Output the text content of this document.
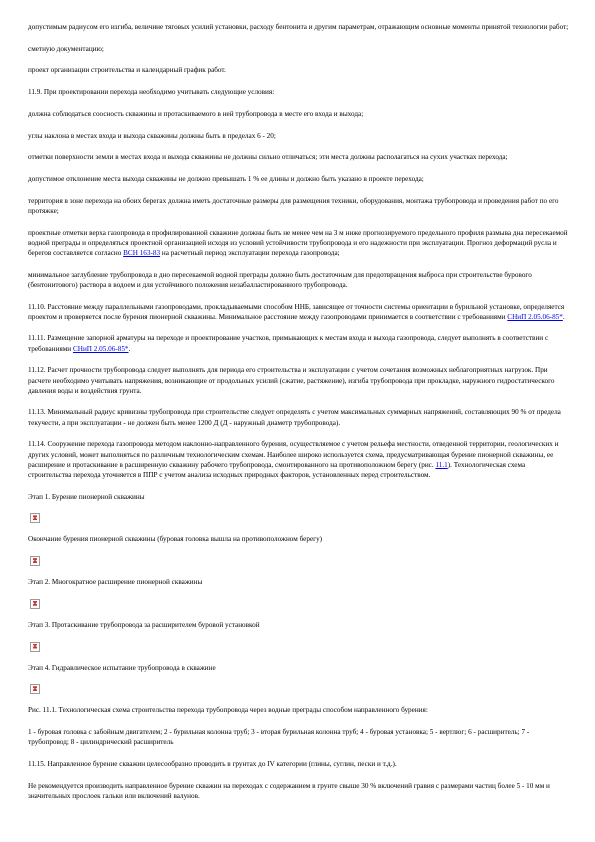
допустимым радиусом его изгиба, величине тяговых усилий установки, расходу бентонита и другим параметрам, отражающим основные моменты принятой технологии работ;
сметную документацию;
проект организации строительства и календарный график работ.
11.9. При проектировании перехода необходимо учитывать следующие условия:
должна соблюдаться соосность скважины и протаскиваемого в ней трубопровода в месте его входа и выхода;
углы наклона в местах входа и выхода скважины должны быть в пределах 6 - 20;
отметки поверхности земли в местах входа и выхода скважины не должны сильно отличаться; эти места должны располагаться на сухих участках перехода;
допустимое отклонение места выхода скважины не должно превышать 1 % ее длины и должно быть указано в проекте перехода;
территория в зоне перехода на обоих берегах должна иметь достаточные размеры для размещения техники, оборудования, монтажа трубопровода и проведения работ по его протяжке;
проектные отметки верха газопровода в профилированной скважине должны быть не менее чем на 3 м ниже прогнозируемого предельного профиля размыва дна пересекаемой водной преграды и определяться проектной организацией исходя из условий устойчивости трубопровода и его надежности при эксплуатации. Прогноз деформаций русла и берегов составляется согласно ВСН 163-83 на расчетный период эксплуатации перехода газопровода;
минимальное заглубление трубопровода в дно пересекаемой водной преграды должно быть достаточным для предотвращения выброса при строительстве бурового (бентонитового) раствора в водоем и для устойчивого положения незабалластированного трубопровода.
11.10. Расстояние между параллельными газопроводами, прокладываемыми способом ННБ, зависящее от точности системы ориентации в бурильной установке, определяется проектом и проверяется после бурения пионерной скважины. Минимальное расстояние между газопроводами принимается в соответствии с требованиями СНиП 2.05.06-85*.
11.11. Размещение запорной арматуры на переходе и проектирование участков, примыкающих к местам входа и выхода газопровода, следует выполнять в соответствии с требованиями СНиП 2.05.06-85*.
11.12. Расчет прочности трубопровода следует выполнять для периода его строительства и эксплуатации с учетом сочетания возможных неблагоприятных нагрузок. При расчете необходимо учитывать напряжения, возникающие от продольных усилий (сжатие, растяжение), изгиба трубопровода при прокладке, наружного гидростатического давления воды и воздействия грунта.
11.13. Минимальный радиус кривизны трубопровода при строительстве следует определять с учетом максимальных суммарных напряжений, составляющих 90 % от предела текучести, а при эксплуатации - не должен быть менее 1200 Д (Д - наружный диаметр трубопровода).
11.14. Сооружение перехода газопровода методом наклонно-направленного бурения, осуществляемое с учетом рельефа местности, отведенной территории, геологических и других условий, может выполняться по различным технологическим схемам. Наиболее широко используется схема, предусматривающая бурение пионерной скважины, ее расширение и протаскивание в расширенную скважину рабочего трубопровода, смонтированного на противоположном берегу (рис. 11.1). Технологическая схема строительства перехода уточняется в ППР с учетом анализа исходных природных факторов, установленных перед строительством.
Этап 1. Бурение пионерной скважины
Окончание бурения пионерной скважины (буровая головка вышла на противоположном берегу)
Этап 2. Многократное расширение пионерной скважины
Этап 3. Протаскивание трубопровода за расширителем буровой установкой
Этап 4. Гидравлическое испытание трубопровода в скважине
Рис. 11.1. Технологическая схема строительства перехода трубопровода через водные преграды способом направленного бурения:
1 - буровая головка с забойным двигателем; 2 - бурильная колонна труб; 3 - вторая бурильная колонна труб; 4 - буровая установка; 5 - вертлюг; 6 - расширитель; 7 - трубопровод; 8 - цилиндрический расширитель
11.15. Направленное бурение скважин целесообразно проводить в грунтах до IV категории (глины, суглин, пески и т.д.).
Не рекомендуется производить направленное бурение скважин на переходах с содержанием в грунте свыше 30 % включений гравия с размерами частиц более 5 - 10 мм и значительных прослоек гальки или включений валунов.
